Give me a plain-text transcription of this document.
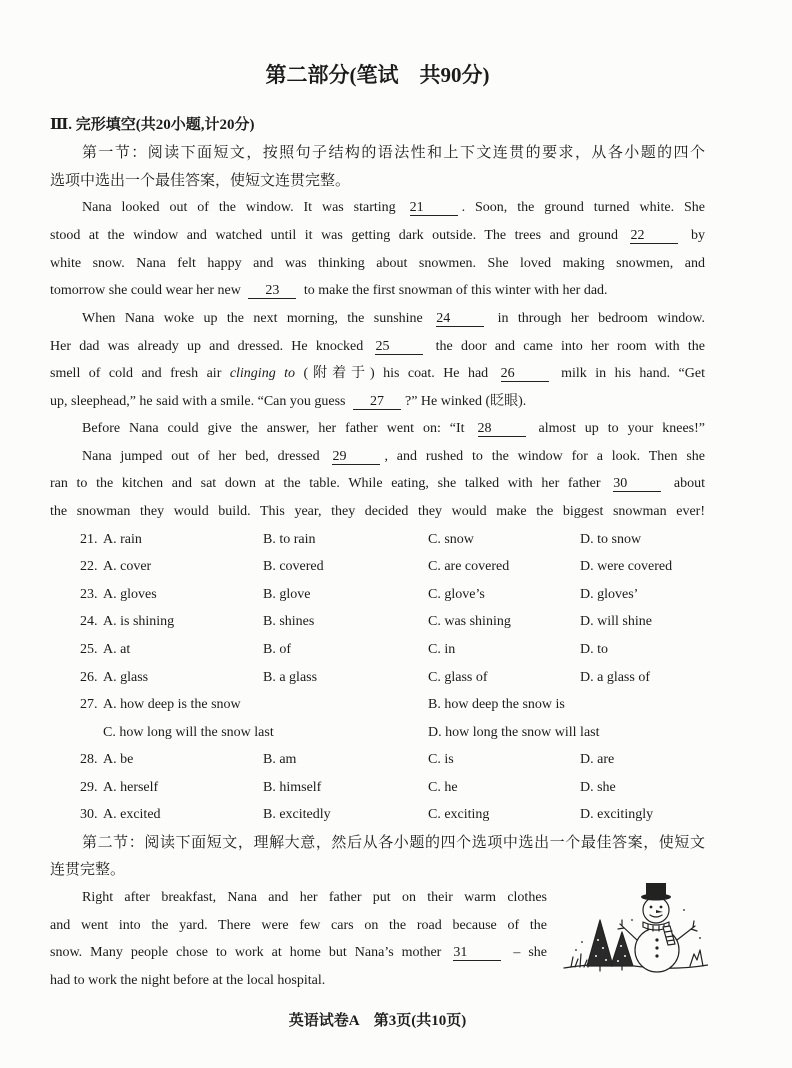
第二部分(笔试　共90分)
Ⅲ. 完形填空(共20小题,计20分)
第一节：阅读下面短文，按照句子结构的语法性和上下文连贯的要求，从各小题的四个
选项中选出一个最佳答案，使短文连贯完整。
Nana looked out of the window. It was starting 21	. Soon, the ground turned white. She
stood at the window and watched until it was getting dark outside. The trees and ground 22	by
white snow. Nana felt happy and was thinking about snowmen. She loved making snowmen, and
tomorrow she could wear her new 23 to make the first snowman of this winter with her dad.
When Nana woke up the next morning, the sunshine 24	in through her bedroom window.
Her dad was already up and dressed. He knocked 25	the door and came into her room with the
smell of cold and fresh air clinging to (附着于) his coat. He had 26	milk in his hand. “Get
up, sleephead,” he said with a smile. “Can you guess 27 ?” He winked (眨眼).
Before Nana could give the answer, her father went on: “It 28	almost up to your knees!”
Nana jumped out of her bed, dressed 29	, and rushed to the window for a look. Then she
ran to the kitchen and sat down at the table. While eating, she talked with her father 30	about
the snowman they would build. This year, they decided they would make the biggest snowman ever!
21. A. rain	B. to rain	C. snow	D. to snow
22. A. cover	B. covered	C. are covered	D. were covered
23. A. gloves	B. glove	C. glove’s	D. gloves’
24. A. is shining	B. shines	C. was shining	D. will shine
25. A. at	B. of	C. in	D. to
26. A. glass	B. a glass	C. glass of	D. a glass of
27. A. how deep is the snow	B. how deep the snow is
C. how long will the snow last	D. how long the snow will last
28. A. be	B. am	C. is	D. are
29. A. herself	B. himself	C. he	D. she
30. A. excited	B. excitedly	C. exciting	D. excitingly
第二节：阅读下面短文，理解大意，然后从各小题的四个选项中选出一个最佳答案，使短文
连贯完整。
Right after breakfast, Nana and her father put on their warm clothes
and went into the yard. There were few cars on the road because of the
snow. Many people chose to work at home but Nana’s mother 31	– she
had to work the night before at the local hospital.
英语试卷A　第3页(共10页)
